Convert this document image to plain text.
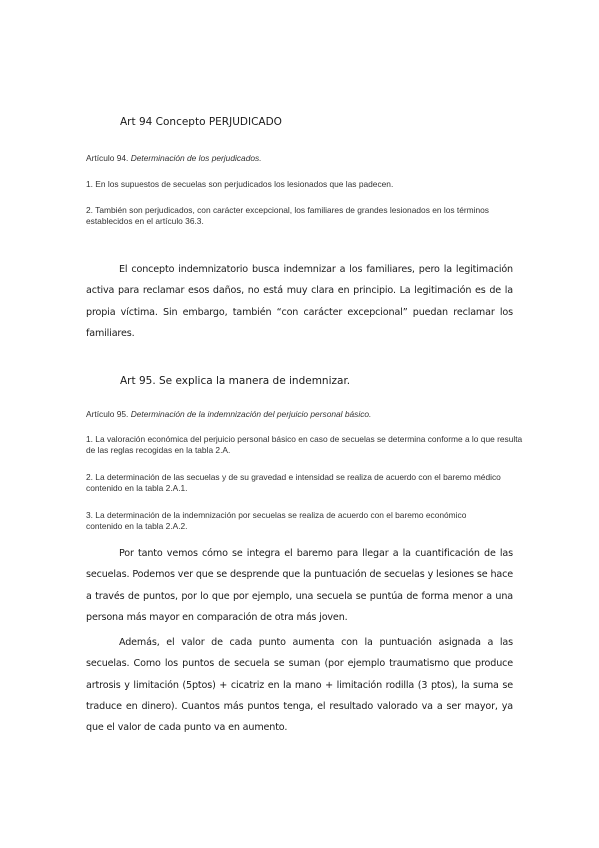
Art 94 Concepto PERJUDICADO
Artículo 94. Determinación de los perjudicados.
1. En los supuestos de secuelas son perjudicados los lesionados que las padecen.
2. También son perjudicados, con carácter excepcional, los familiares de grandes lesionados en los términos establecidos en el artículo 36.3.
El concepto indemnizatorio busca indemnizar a los familiares, pero la legitimación activa para reclamar esos daños, no está muy clara en principio. La legitimación es de la propia víctima. Sin embargo, también “con carácter excepcional” puedan reclamar los familiares.
Art 95. Se explica la manera de indemnizar.
Artículo 95. Determinación de la indemnización del perjuicio personal básico.
1. La valoración económica del perjuicio personal básico en caso de secuelas se determina conforme a lo que resulta de las reglas recogidas en la tabla 2.A.
2. La determinación de las secuelas y de su gravedad e intensidad se realiza de acuerdo con el baremo médico contenido en la tabla 2.A.1.
3. La determinación de la indemnización por secuelas se realiza de acuerdo con el baremo económico contenido en la tabla 2.A.2.
Por tanto vemos cómo se integra el baremo para llegar a la cuantificación de las secuelas. Podemos ver que se desprende que la puntuación de secuelas y lesiones se hace a través de puntos, por lo que por ejemplo, una secuela se puntúa de forma menor a una persona más mayor en comparación de otra más joven.
Además, el valor de cada punto aumenta con la puntuación asignada a las secuelas. Como los puntos de secuela se suman (por ejemplo traumatismo que produce artrosis y limitación (5ptos) + cicatriz en la mano + limitación rodilla (3 ptos), la suma se traduce en dinero). Cuantos más puntos tenga, el resultado valorado va a ser mayor, ya que el valor de cada punto va en aumento.
